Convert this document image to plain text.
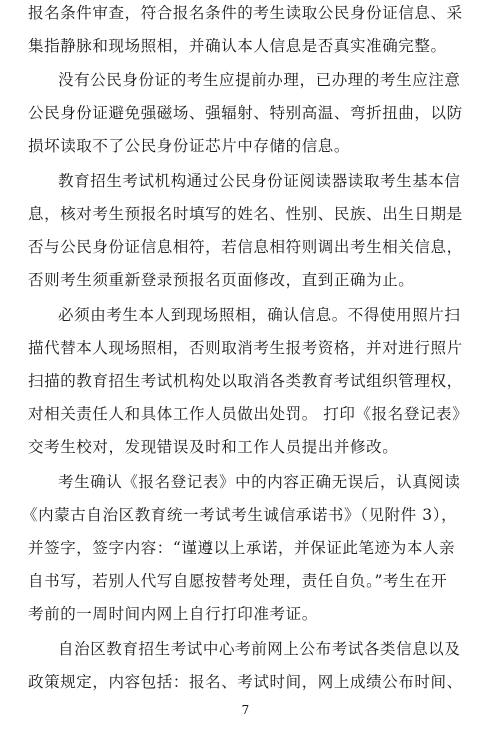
报名条件审查，符合报名条件的考生读取公民身份证信息、采
集指静脉和现场照相，并确认本人信息是否真实准确完整。
没有公民身份证的考生应提前办理，已办理的考生应注意
公民身份证避免强磁场、强辐射、特别高温、弯折扭曲，以防
损坏读取不了公民身份证芯片中存储的信息。
教育招生考试机构通过公民身份证阅读器读取考生基本信
息，核对考生预报名时填写的姓名、性别、民族、出生日期是
否与公民身份证信息相符，若信息相符则调出考生相关信息，
否则考生须重新登录预报名页面修改，直到正确为止。
必须由考生本人到现场照相，确认信息。不得使用照片扫
描代替本人现场照相，否则取消考生报考资格，并对进行照片
扫描的教育招生考试机构处以取消各类教育考试组织管理权，
对相关责任人和具体工作人员做出处罚。 打印《报名登记表》
交考生校对，发现错误及时和工作人员提出并修改。
考生确认《报名登记表》中的内容正确无误后，认真阅读
《内蒙古自治区教育统一考试考生诚信承诺书》（见附件 3），
并签字，签字内容：“谨遵以上承诺，并保证此笔迹为本人亲
自书写，若别人代写自愿按替考处理，责任自负。”考生在开
考前的一周时间内网上自行打印准考证。
自治区教育招生考试中心考前网上公布考试各类信息以及
政策规定，内容包括：报名、考试时间，网上成绩公布时间、
7
